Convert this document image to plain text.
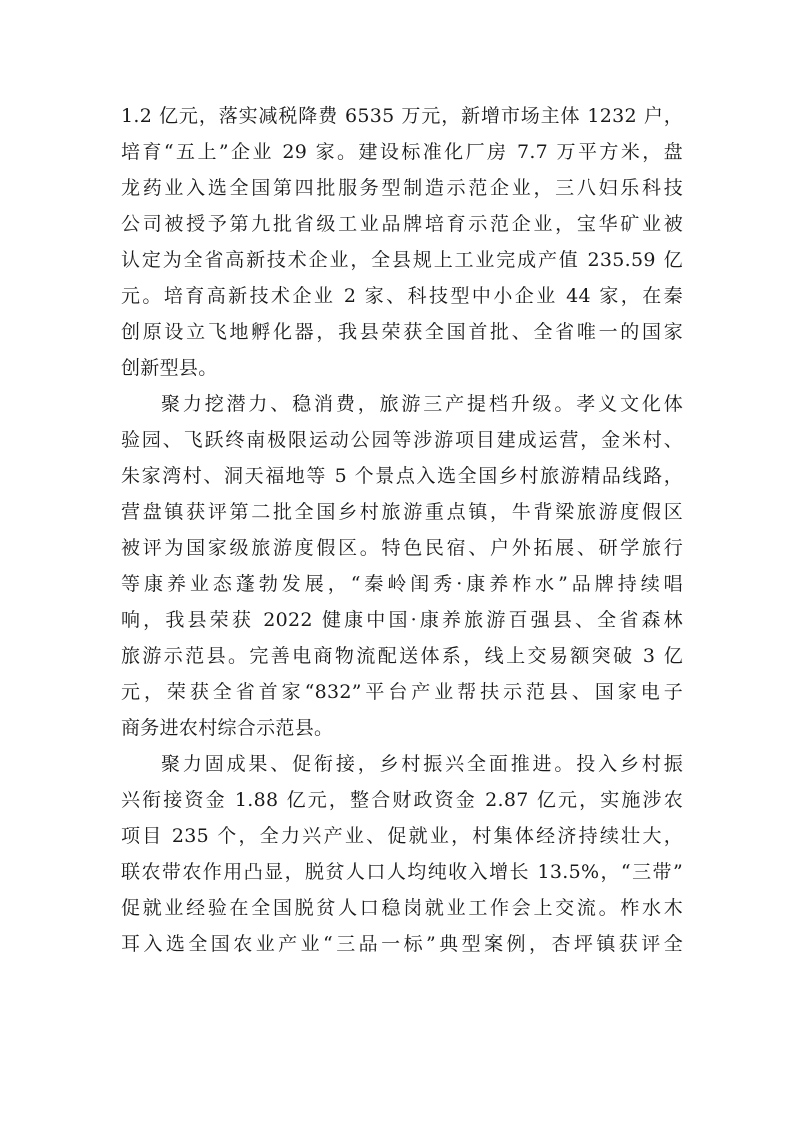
1.2 亿元，落实减税降费 6535 万元，新增市场主体 1232 户，
培育“五上”企业 29 家。建设标准化厂房 7.7 万平方米，盘
龙药业入选全国第四批服务型制造示范企业，三八妇乐科技
公司被授予第九批省级工业品牌培育示范企业，宝华矿业被
认定为全省高新技术企业，全县规上工业完成产值 235.59 亿
元。培育高新技术企业 2 家、科技型中小企业 44 家，在秦
创原设立飞地孵化器，我县荣获全国首批、全省唯一的国家
创新型县。
聚力挖潜力、稳消费，旅游三产提档升级。孝义文化体
验园、飞跃终南极限运动公园等涉游项目建成运营，金米村、
朱家湾村、洞天福地等 5 个景点入选全国乡村旅游精品线路，
营盘镇获评第二批全国乡村旅游重点镇，牛背梁旅游度假区
被评为国家级旅游度假区。特色民宿、户外拓展、研学旅行
等康养业态蓬勃发展，“秦岭闺秀·康养柞水”品牌持续唱
响，我县荣获 2022 健康中国·康养旅游百强县、全省森林
旅游示范县。完善电商物流配送体系，线上交易额突破 3 亿
元，荣获全省首家“832”平台产业帮扶示范县、国家电子
商务进农村综合示范县。
聚力固成果、促衔接，乡村振兴全面推进。投入乡村振
兴衔接资金 1.88 亿元，整合财政资金 2.87 亿元，实施涉农
项目 235 个，全力兴产业、促就业，村集体经济持续壮大，
联农带农作用凸显，脱贫人口人均纯收入增长 13.5%，“三带”
促就业经验在全国脱贫人口稳岗就业工作会上交流。柞水木
耳入选全国农业产业“三品一标”典型案例，杏坪镇获评全
